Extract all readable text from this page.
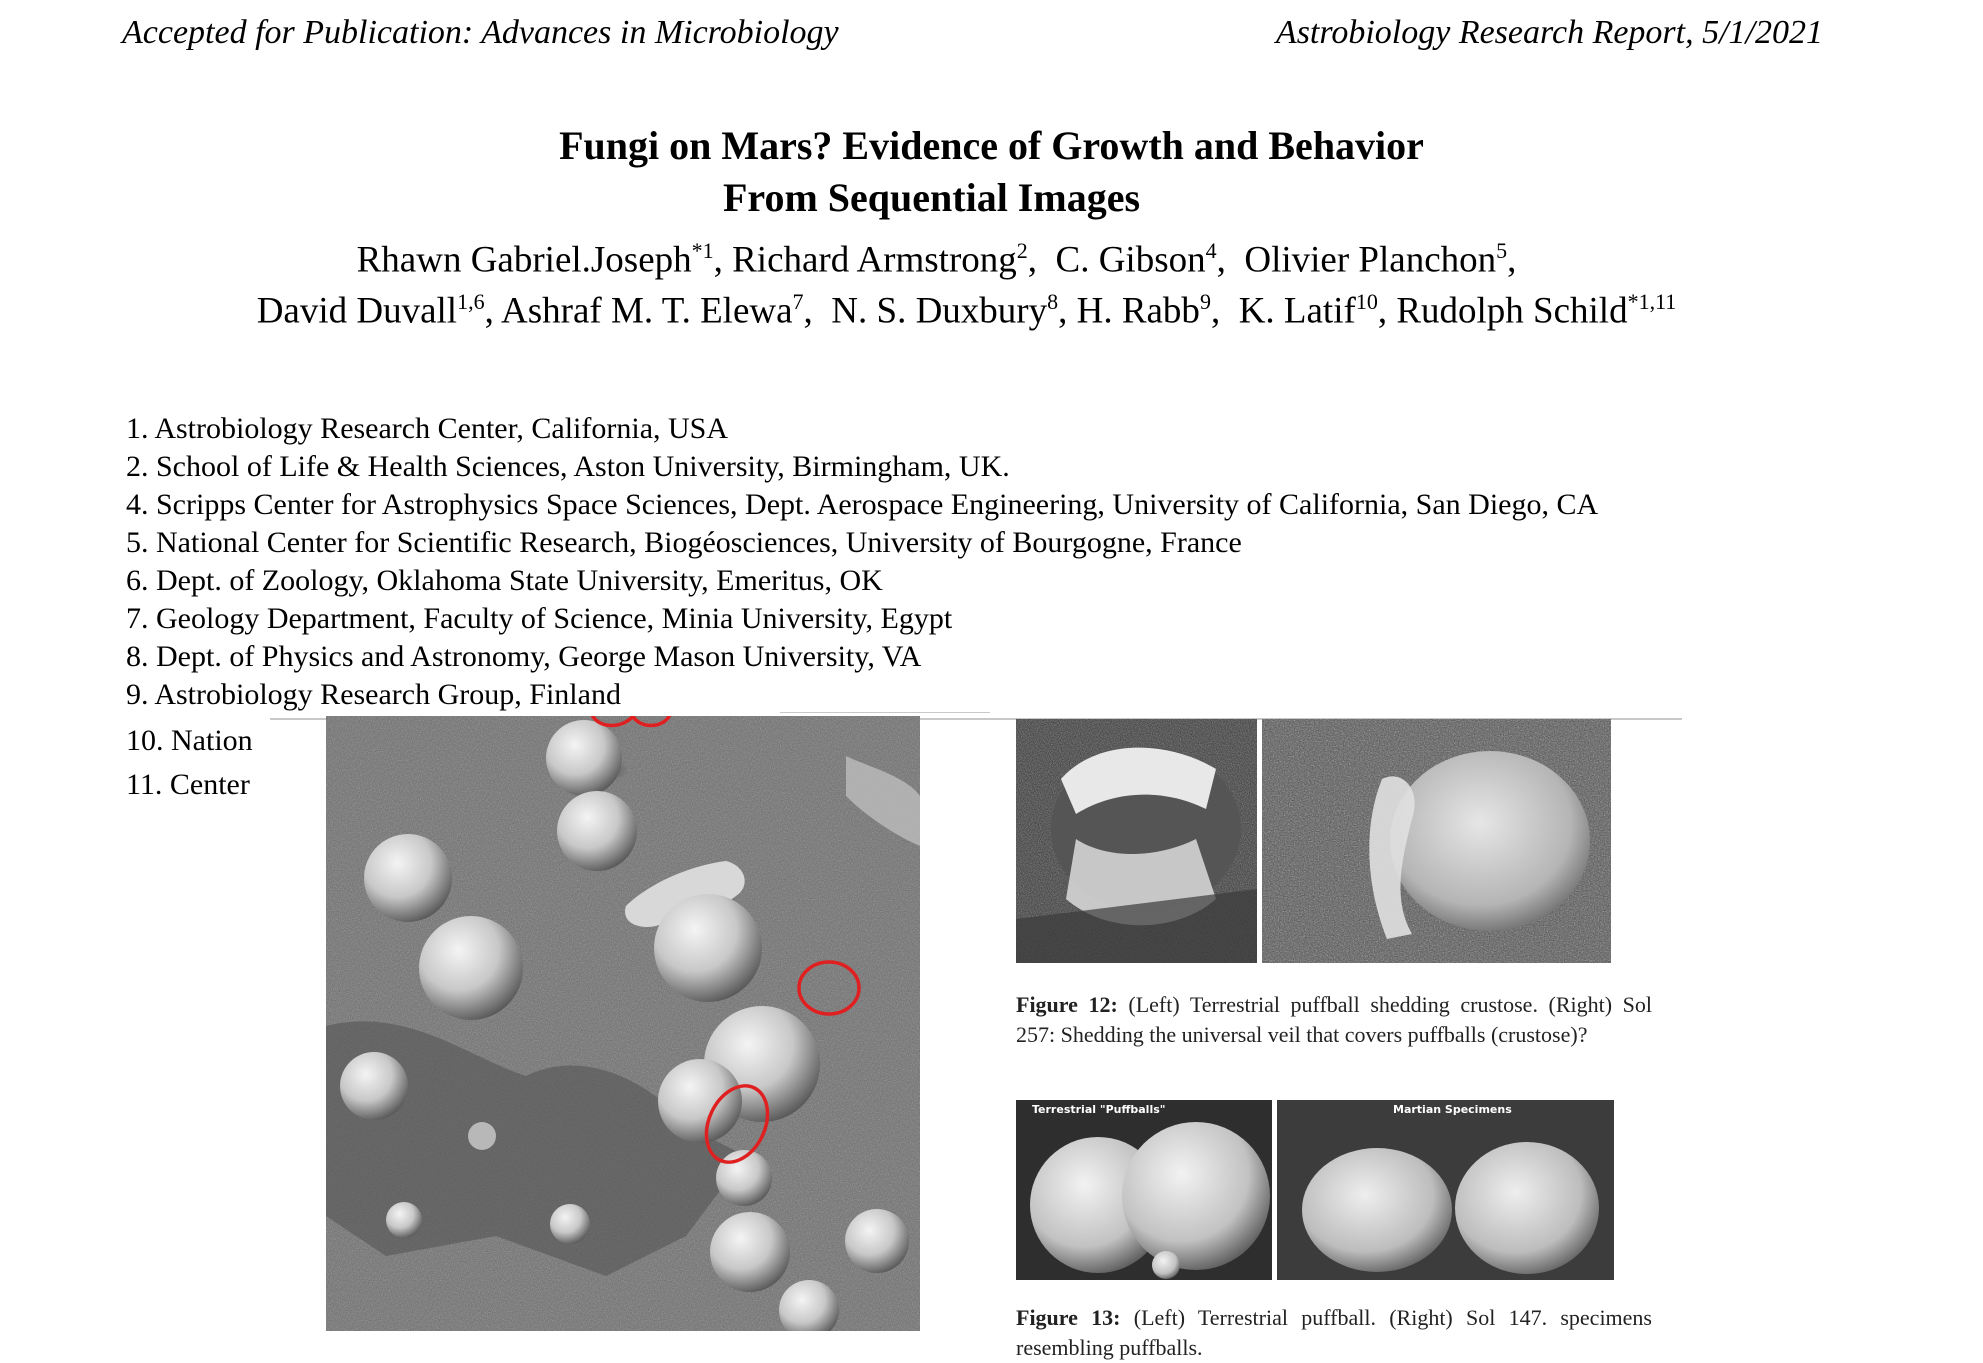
Accepted for Publication: Advances in Microbiology	Astrobiology Research Report, 5/1/2021
Fungi on Mars? Evidence of Growth and Behavior
From Sequential Images
Rhawn Gabriel.Joseph$^{*1}$, Richard Armstrong$^2$,  C. Gibson$^4$,  Olivier Planchon$^5$,
David Duvall$^{1,6}$, Ashraf M. T. Elewa$^7$,  N. S. Duxbury$^8$, H. Rabb$^9$,  K. Latif$^{10}$, Rudolph Schild$^{*1,11}$
1. Astrobiology Research Center, California, USA
2. School of Life & Health Sciences, Aston University, Birmingham, UK.
4. Scripps Center for Astrophysics Space Sciences, Dept. Aerospace Engineering, University of California, San Diego, CA
5. National Center for Scientific Research, Biogéosciences, University of Bourgogne, France
6. Dept. of Zoology, Oklahoma State University, Emeritus, OK
7. Geology Department, Faculty of Science, Minia University, Egypt
8. Dept. of Physics and Astronomy, George Mason University, VA
9. Astrobiology Research Group, Finland
10. Nation
11. Center
Figure 12: (Left) Terrestrial puffball shedding crustose. (Right) Sol 257: Shedding the universal veil that covers puffballs (crustose)?
Terrestrial "Puffballs"	Martian Specimens
Figure 13: (Left) Terrestrial puffball. (Right) Sol 147. specimens resembling puffballs.
